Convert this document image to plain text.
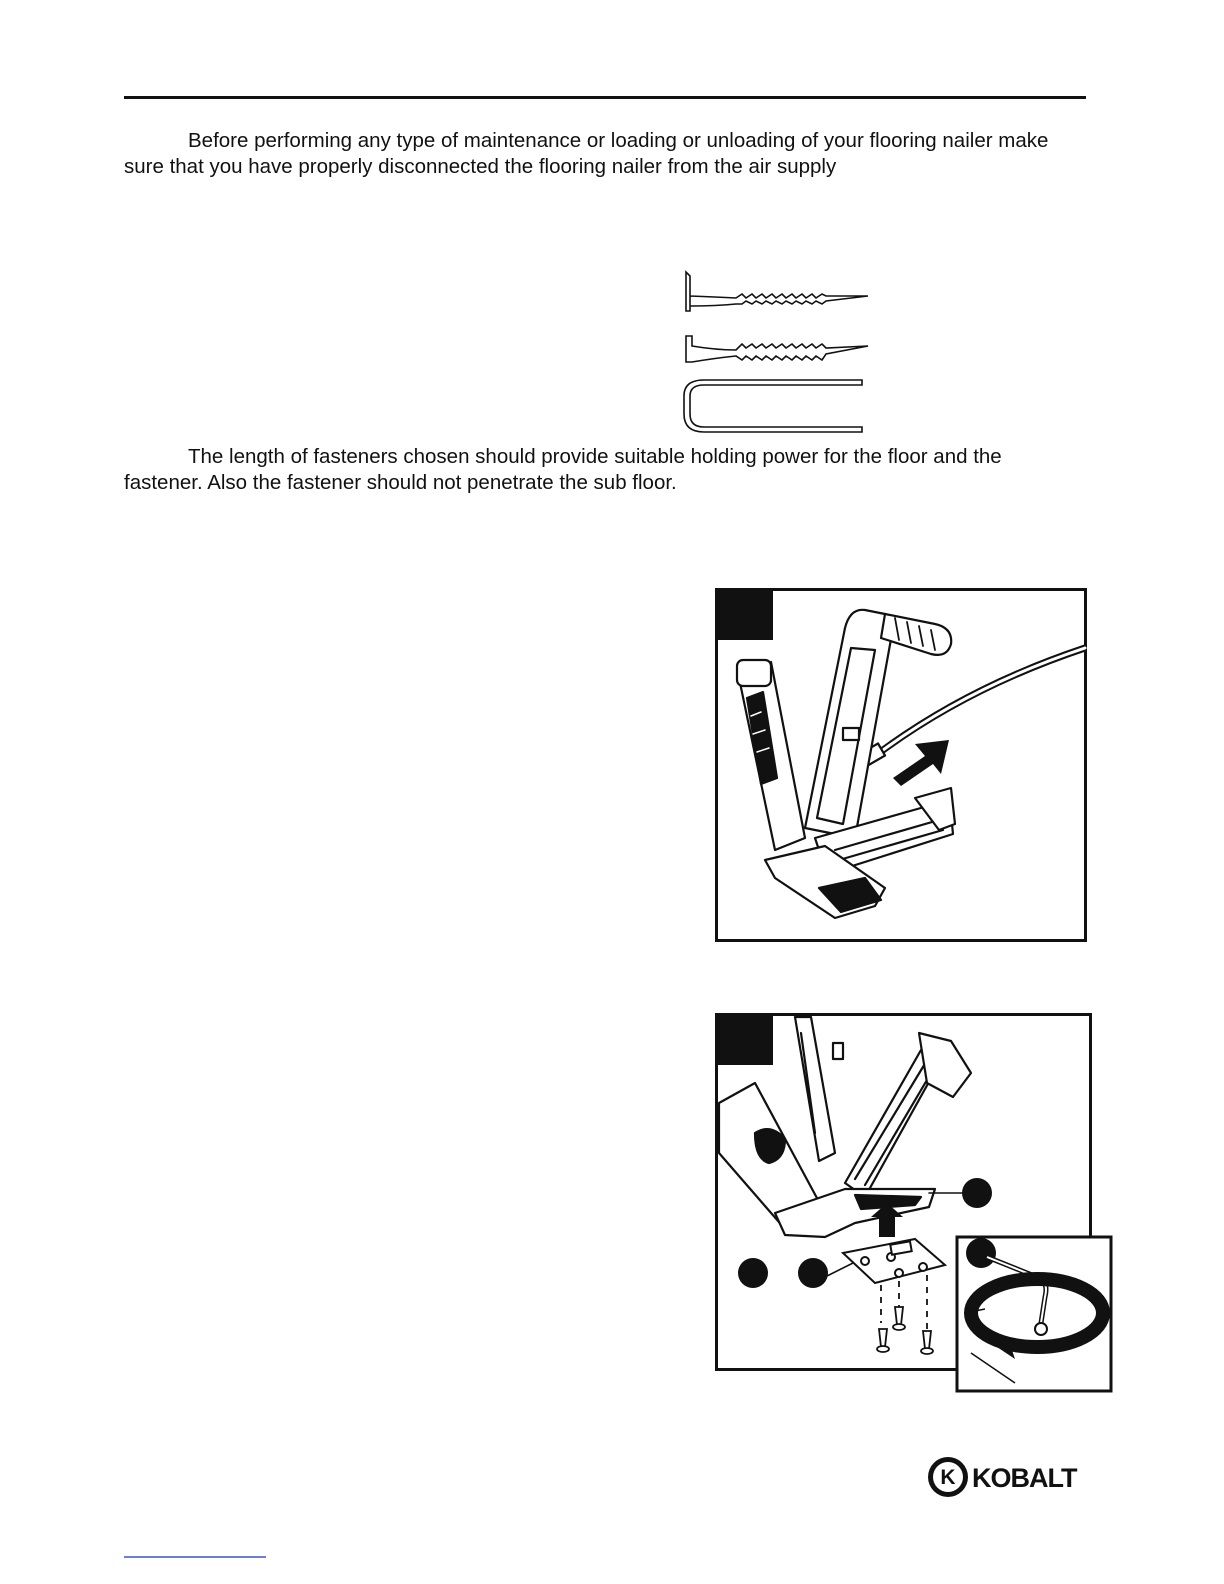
Before performing any type of maintenance or loading or unloading of your flooring nailer make sure that you have properly disconnected the flooring nailer from the air supply

The length of fasteners chosen should provide suitable holding power for the floor and the fastener. Also the fastener should not penetrate the sub floor.

K KOBALT
